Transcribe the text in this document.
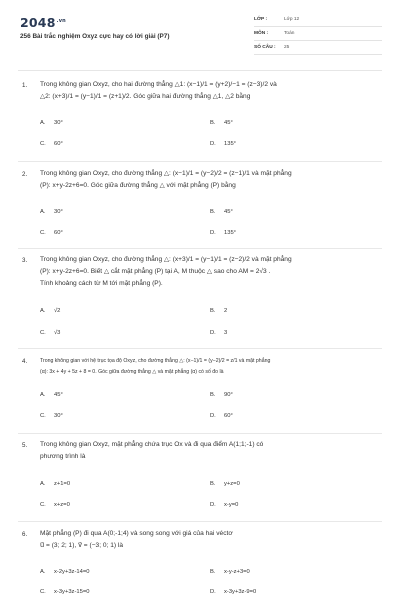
$2048^{.vn}$
256 Bài trắc nghiệm Oxyz cực hay có lời giải (P7)
LỚP :	Lớp 12
MÔN :	Toán
SỐ CÂU : 25
1. Trong không gian Oxyz, cho hai đường thẳng △1: (x−1)/1 = (y+2)/−1 = (z−3)/2 và
△2: (x+3)/1 = (y−1)/1 = (z+1)/2. Góc giữa hai đường thẳng △1, △2 bằng
A. 30°	B. 45°
C. 60°	D. 135°
2. Trong không gian Oxyz, cho đường thẳng △: (x−1)/1 = (y−2)/2 = (z−1)/1 và mặt phẳng
(P): x+y-2z+6=0. Góc giữa đường thẳng △ với mặt phẳng (P) bằng
A. 30°	B. 45°
C. 60°	D. 135°
3. Trong không gian Oxyz, cho đường thẳng △: (x+3)/1 = (y−1)/1 = (z−2)/2 và mặt phẳng
(P): x+y-2z+6=0. Biết △ cắt mặt phẳng (P) tại A, M thuộc △ sao cho AM = 2√3 .
Tính khoảng cách từ M tới mặt phẳng (P).
A. √2	B. 2
C. √3	D. 3
4. Trong không gian với hệ trục tọa độ Oxyz, cho đường thẳng △: (x−1)/1 = (y−2)/2 = z/1 và mặt phẳng
(α): 3x + 4y + 5z + 8 = 0. Góc giữa đường thẳng △ và mặt phẳng (α) có số đo là
A. 45°	B. 90°
C. 30°	D. 60°
5. Trong không gian Oxyz, mặt phẳng chứa trục Ox và đi qua điểm A(1;1;-1) có
phương trình là
A. z+1=0	B. y+z=0
C. x+z=0	D. x-y=0
6. Mặt phẳng (P) đi qua A(0;-1;4) và song song với giá của hai véctơ
u⃗ = (3; 2; 1), v⃗ = (−3; 0; 1) là
A. x-2y+3z-14=0	B. x-y-z+3=0
C. x-3y+3z-15=0	D. x-3y+3z-9=0
